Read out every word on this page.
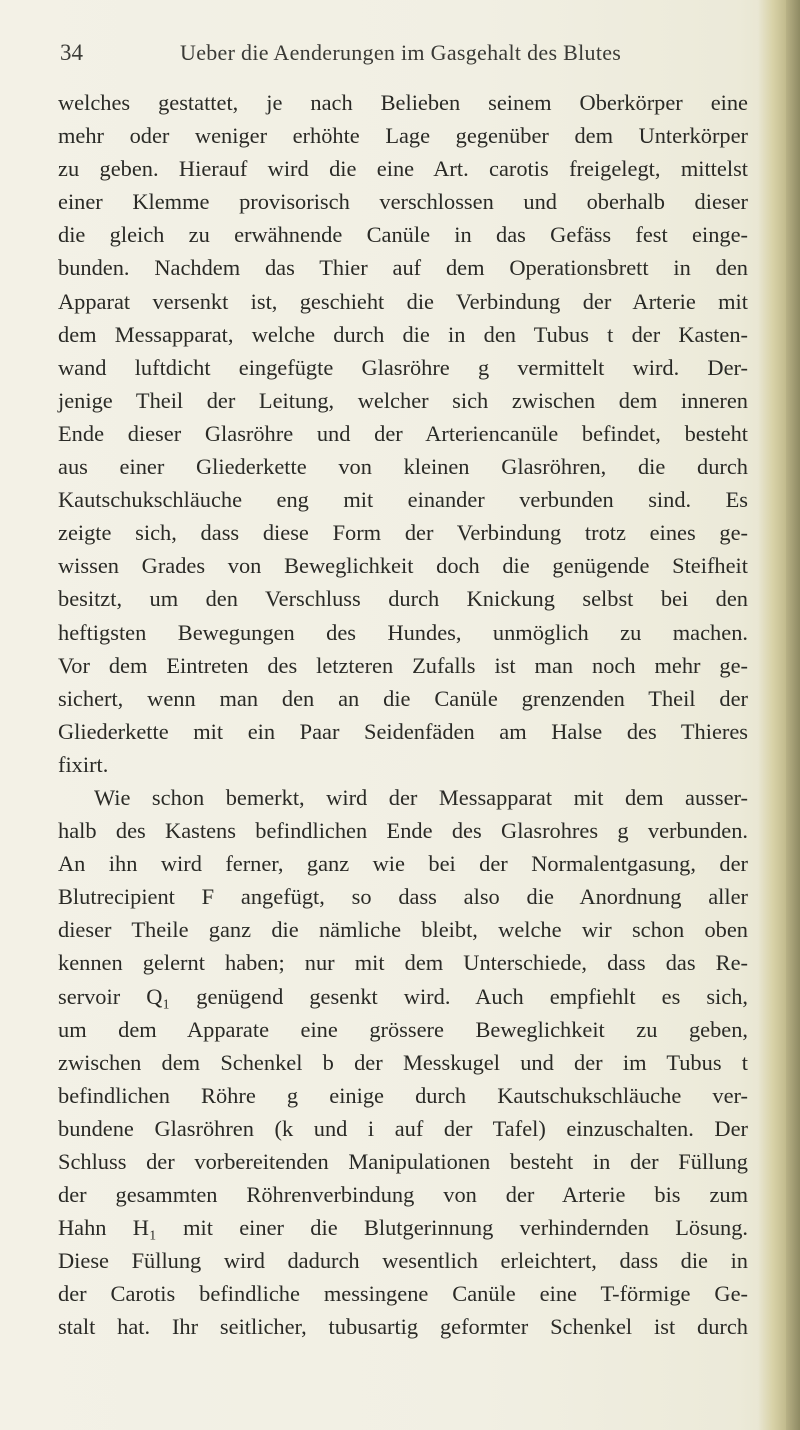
34	Ueber die Aenderungen im Gasgehalt des Blutes
welches gestattet, je nach Belieben seinem Oberkörper eine
mehr oder weniger erhöhte Lage gegenüber dem Unterkörper
zu geben. Hierauf wird die eine Art. carotis freigelegt, mittelst
einer Klemme provisorisch verschlossen und oberhalb dieser
die gleich zu erwähnende Canüle in das Gefäss fest einge-
bunden. Nachdem das Thier auf dem Operationsbrett in den
Apparat versenkt ist, geschieht die Verbindung der Arterie mit
dem Messapparat, welche durch die in den Tubus t der Kasten-
wand luftdicht eingefügte Glasröhre g vermittelt wird. Der-
jenige Theil der Leitung, welcher sich zwischen dem inneren
Ende dieser Glasröhre und der Arteriencanüle befindet, besteht
aus einer Gliederkette von kleinen Glasröhren, die durch
Kautschukschläuche eng mit einander verbunden sind. Es
zeigte sich, dass diese Form der Verbindung trotz eines ge-
wissen Grades von Beweglichkeit doch die genügende Steifheit
besitzt, um den Verschluss durch Knickung selbst bei den
heftigsten Bewegungen des Hundes, unmöglich zu machen.
Vor dem Eintreten des letzteren Zufalls ist man noch mehr ge-
sichert, wenn man den an die Canüle grenzenden Theil der
Gliederkette mit ein Paar Seidenfäden am Halse des Thieres
fixirt.
Wie schon bemerkt, wird der Messapparat mit dem ausser-
halb des Kastens befindlichen Ende des Glasrohres g verbunden.
An ihn wird ferner, ganz wie bei der Normalentgasung, der
Blutrecipient F angefügt, so dass also die Anordnung aller
dieser Theile ganz die nämliche bleibt, welche wir schon oben
kennen gelernt haben; nur mit dem Unterschiede, dass das Re-
servoir Q₁ genügend gesenkt wird. Auch empfiehlt es sich,
um dem Apparate eine grössere Beweglichkeit zu geben,
zwischen dem Schenkel b der Messkugel und der im Tubus t
befindlichen Röhre g einige durch Kautschukschläuche ver-
bundene Glasröhren (k und i auf der Tafel) einzuschalten. Der
Schluss der vorbereitenden Manipulationen besteht in der Füllung
der gesammten Röhrenverbindung von der Arterie bis zum
Hahn H₁ mit einer die Blutgerinnung verhindernden Lösung.
Diese Füllung wird dadurch wesentlich erleichtert, dass die in
der Carotis befindliche messingene Canüle eine T-förmige Ge-
stalt hat. Ihr seitlicher, tubusartig geformter Schenkel ist durch
